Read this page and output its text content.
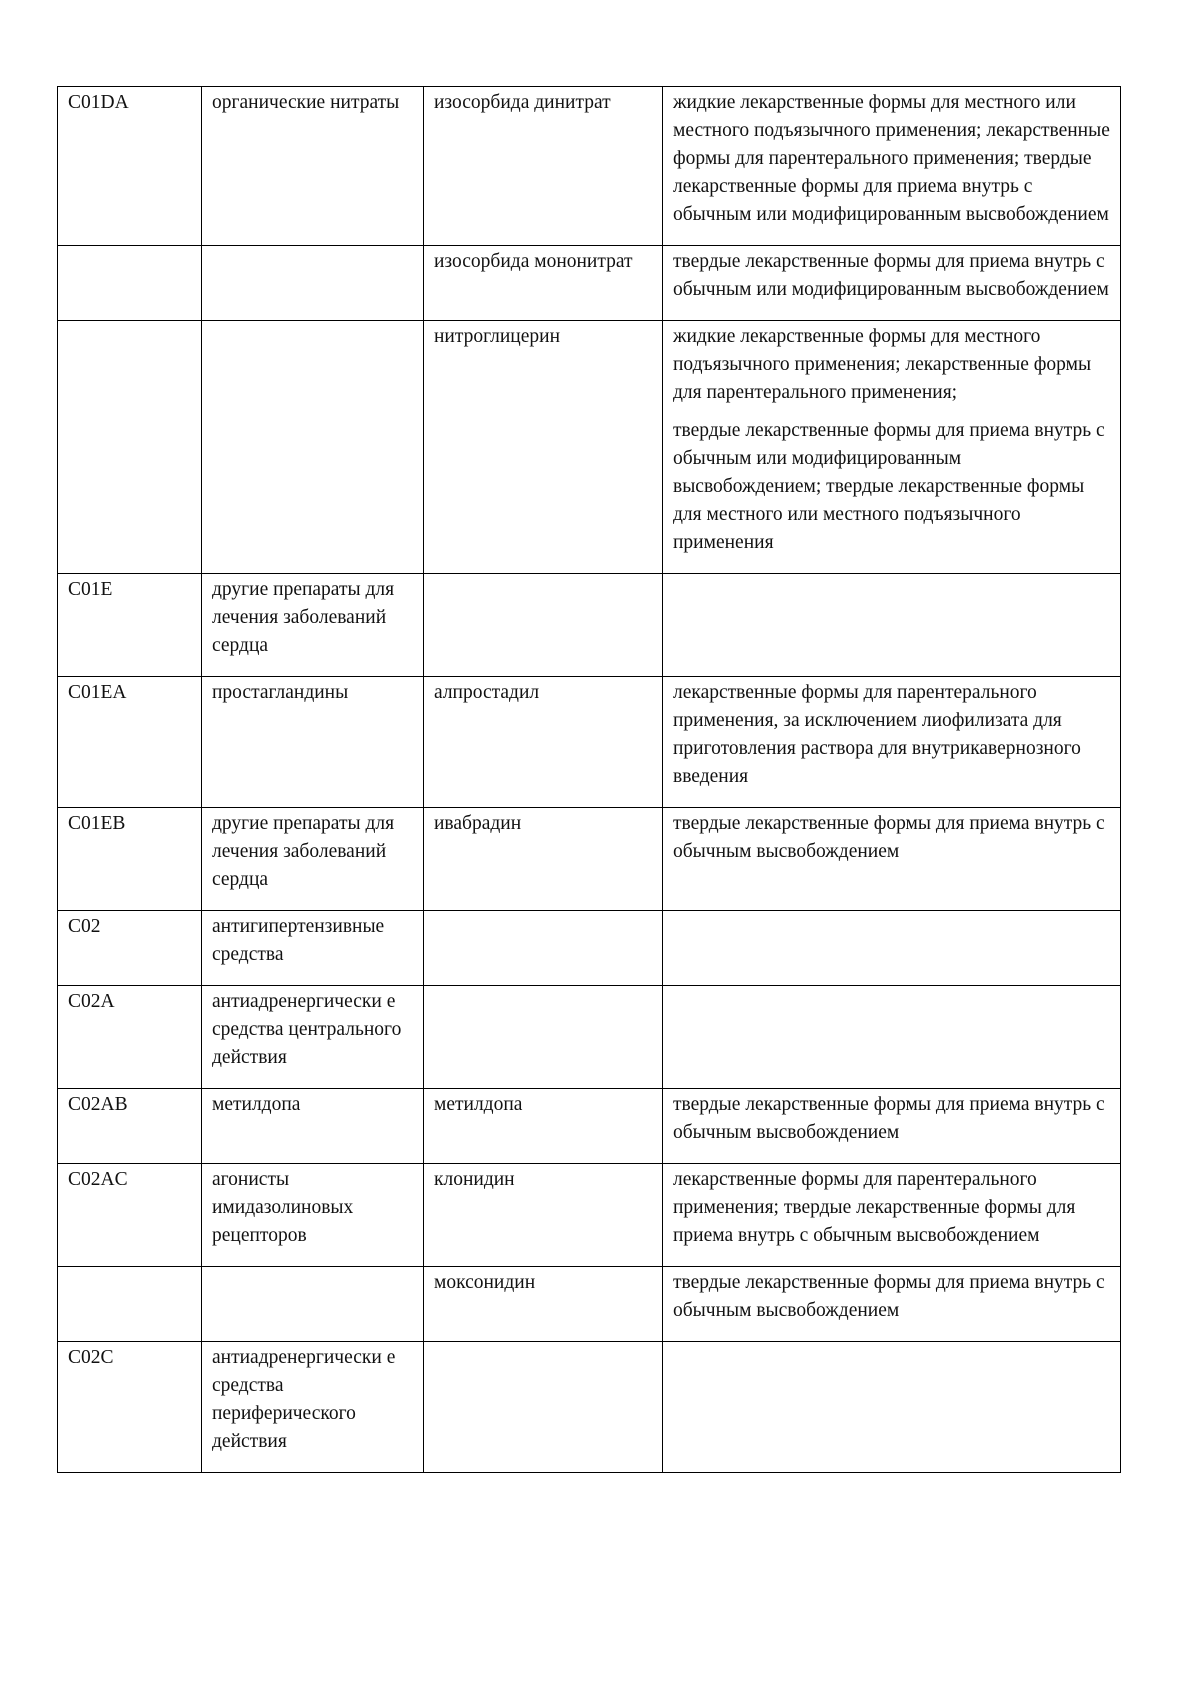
C01DA	органические нитраты	изосорбида динитрат	жидкие лекарственные формы для местного или местного подъязычного применения; лекарственные формы для парентерального применения; твердые лекарственные формы для приема внутрь с обычным или модифицированным высвобождением
		изосорбида мононитрат	твердые лекарственные формы для приема внутрь с обычным или модифицированным высвобождением
		нитроглицерин	жидкие лекарственные формы для местного подъязычного применения; лекарственные формы для парентерального применения;
твердые лекарственные формы для приема внутрь с обычным или модифицированным высвобождением; твердые лекарственные формы для местного или местного подъязычного применения

C01E	другие препараты для лечения заболеваний сердца		
C01EA	простагландины	алпростадил	лекарственные формы для парентерального применения, за исключением лиофилизата для приготовления раствора для внутрикавернозного введения
C01EB	другие препараты для лечения заболеваний сердца	ивабрадин	твердые лекарственные формы для приема внутрь с обычным высвобождением
C02	антигипертензивные средства		
C02A	антиадренергически е средства центрального действия		
C02AB	метилдопа	метилдопа	твердые лекарственные формы для приема внутрь с обычным высвобождением
C02AC	агонисты имидазолиновых рецепторов	клонидин	лекарственные формы для парентерального применения; твердые лекарственные формы для приема внутрь с обычным высвобождением
		моксонидин	твердые лекарственные формы для приема внутрь с обычным высвобождением
C02C	антиадренергически е средства периферического действия		
